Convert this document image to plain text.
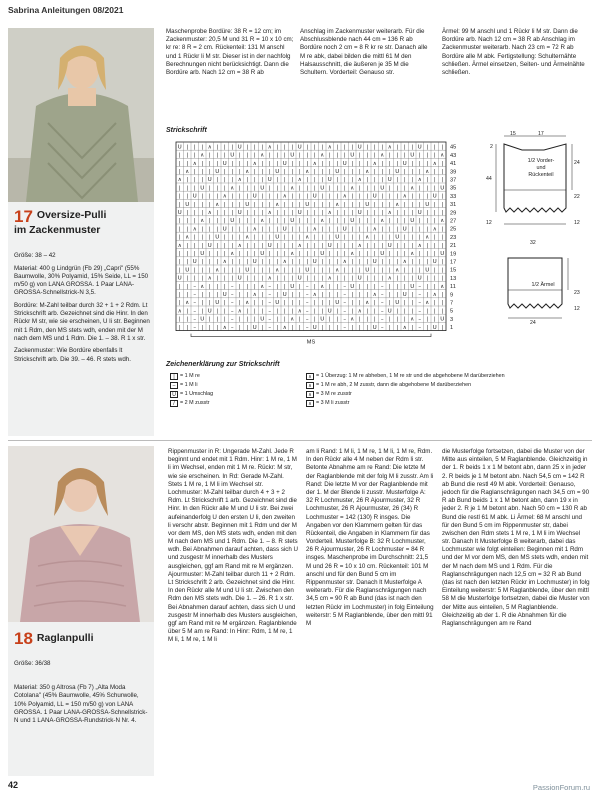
Sabrina Anleitungen 08/2021
17 Oversize-Pulli
im Zackenmuster

Größe: 38 – 42

Material: 400 g Lindgrün (Fb 29) „Capri" (55% Baumwolle, 30% Polyamid, 15% Seide, LL = 150 m/50 g) von LANA GROSSA. 1 Paar LANA-GROSSA-Schnellstrick-N 3,5.

Bordüre: M-Zahl teilbar durch 32 + 1 + 2 Rdm. Lt Strickschrift arb. Gezeichnet sind die Hinr. In den Rückr M str, wie sie erscheinen, U li str. Beginnen mit 1 Rdm, den MS stets wdh, enden mit der M nach dem MS und 1 Rdm. Die 1. – 38. R 1 x str.

Zackenmuster: Wie Bordüre ebenfalls lt Strickschrift arb. Die 39. – 46. R stets wdh.

Maschenprobe Bordüre: 38 R = 12 cm; im Zackenmuster: 20,5 M und 31 R = 10 x 10 cm; kr re: 8 R = 2 cm. Rückenteil: 131 M anschl und 1 Rückr li M str. Dieser ist in der nachfolg Berechnungen nicht berücksichtigt. Dann die Bordüre arb. Nach 12 cm = 38 R ab

Anschlag im Zackenmuster weiterarb. Für die Abschlussblende nach 44 cm = 136 R ab Bordüre noch 2 cm = 8 R kr re str. Danach alle M re abk, dabei bilden die mittl 61 M den Halsausschnitt, die äußeren je 35 M die Schultern. Vorderteil: Genauso str.

Ärmel: 99 M anschl und 1 Rückr li M str. Dann die Bordüre arb. Nach 12 cm = 38 R ab Anschlag im Zackenmuster weiterarb. Nach 23 cm = 72 R ab Bordüre alle M abk. Fertigstellung: Schulternähte schließen. Ärmel einsetzen, Seiten- und Ärmelnähte schließen.

Strickschrift
U | | | ∧ | | | U | | | ∧ | | | U | | | ∧ | | | U | | | ∧ | | | U | | |
| | | ∧ | | | U | | | ∧ | | | U | | | ∧ | | | U | | | ∧ | | | U | | | ∧
| | ∧ | | | U | | | ∧ | | | U | | | ∧ | | | U | | | ∧ | | | U | | | ∧ |
| ∧ | | | U | | | ∧ | | | U | | | ∧ | | | U | | | ∧ | | | U | | | ∧ | |
∧ | | | U | | | ∧ | | | U | | | ∧ | | | U | | | ∧ | | | U | | | ∧ | | |
| | | U | | | ∧ | | | U | | | ∧ | | | U | | | ∧ | | | U | | | ∧ | | | U
| | U | | | ∧ | | | U | | | ∧ | | | U | | | ∧ | | | U | | | ∧ | | | U |
| U | | | ∧ | | | U | | | ∧ | | | U | | | ∧ | | | U | | | ∧ | | | U | |
U | | | ∧ | | | U | | | ∧ | | | U | | | ∧ | | | U | | | ∧ | | | U | | |
| | | ∧ | | | U | | | ∧ | | | U | | | ∧ | | | U | | | ∧ | | | U | | | ∧
| | ∧ | | | U | | | ∧ | | | U | | | ∧ | | | U | | | ∧ | | | U | | | ∧ |
| ∧ | | | U | | | ∧ | | | U | | | ∧ | | | U | | | ∧ | | | U | | | ∧ | |
∧ | | | U | | | ∧ | | | U | | | ∧ | | | U | | | ∧ | | | U | | | ∧ | | |
| | | U | | | ∧ | | | U | | | ∧ | | | U | | | ∧ | | | U | | | ∧ | | | U
| | U | | | ∧ | | | U | | | ∧ | | | U | | | ∧ | | | U | | | ∧ | | | U |
| U | | | ∧ | | | U | | | ∧ | | | U | | | ∧ | | | U | | | ∧ | | | U | |
U | | | ∧ | | | U | | | ∧ | | | U | | | ∧ | | | U | | | ∧ | | | U | | |
| | – ∧ | | | – | | | ∧ – | | U | – | ∧ | | – U | | | – | | | U – | | ∧
| | – | | | U – | | ∧ | – | U | | – ∧ | | | – | | | ∧ – | | U | – | ∧ |
| ∧ – | | U | – | ∧ | | – U | | | – | | | U – | | ∧ | – | U | | – ∧ | |
∧ | – | U | | – ∧ | | | – | | | ∧ – | | U | – | ∧ | | – U | | | – | | |
| | – U | | | – | | | U – | | ∧ | – | U | | – ∧ | | | – | | | ∧ – | | U
| | – | | | ∧ – | | U | – | ∧ | | – U | | | – | | | U – | | ∧ | – | U |
45
43
41
39
37
35
33
31
29
27
25
23
21
19
17
15
13
11
9
7
5
3
1
MS
1/2 Vorder- und Rückenteil
1/2 Ärmel
15	17
2
24
44
22
12	12
32
23
12
24
Zeichenerklärung zur Strickschrift
| = 1 M re
– = 1 M li
U = 1 Umschlag
/ = 2 M zusstr
∧ = 1 Überzug: 1 M re abheben, 1 M re str und die abgehobene M darüberziehen
∧ = 1 M re abh, 2 M zusstr, dann die abgehobene M darüberziehen
∧ = 3 M re zusstr
∧ = 3 M li zusstr
18 Raglanpulli

Größe: 36/38

Material: 350 g Altrosa (Fb 7) „Alta Moda Cotolana" (45% Baumwolle, 45% Schurwolle, 10% Polyamid, LL = 150 m/50 g) von LANA GROSSA. 1 Paar LANA-GROSSA-Schnellstrick-N und 1 LANA-GROSSA-Rundstrick-N Nr. 4.

Rippenmuster in R: Ungerade M-Zahl. Jede R beginnt und endet mit 1 Rdm. Hinr: 1 M re, 1 M li im Wechsel, enden mit 1 M re. Rückr: M str, wie sie erscheinen. In Rd: Gerade M-Zahl. Stets 1 M re, 1 M li im Wechsel str. Lochmuster: M-Zahl teilbar durch 4 + 3 + 2 Rdm. Lt Strickschrift 1 arb. Gezeichnet sind die Hinr. In den Rückr alle M und U li str. Bei zwei aufeinanderfolg U den ersten U li, den zweiten li verschr abstr. Beginnen mit 1 Rdm und der M vor dem MS, den MS stets wdh, enden mit den M nach dem MS und 1 Rdm. Die 1. – 8. R stets wdh. Bei Abnahmen darauf achten, dass sich U und zusgestr M innerhalb des Musters ausgleichen, ggf am Rand mit re M ergänzen. Ajourmuster: M-Zahl teilbar durch 11 + 2 Rdm. Lt Strickschrift 2 arb. Gezeichnet sind die Hinr. In den Rückr alle M und U li str. Zwischen den Rdm den MS stets wdh. Die 1. – 26. R 1 x str. Bei Abnahmen darauf achten, dass sich U und zusgestr M innerhalb des Musters ausgleichen, ggf am Rand mit re M ergänzen. Raglanblende über 5 M am re Rand: In Hinr: Rdm, 1 M re, 1 M li, 1 M re, 1 M li

am li Rand: 1 M li, 1 M re, 1 M li, 1 M re, Rdm. In den Rückr alle 4 M neben der Rdm li str. Betonte Abnahme am re Rand: Die letzte M der Raglanblende mit der folg M li zusstr. Am li Rand: Die letzte M vor der Raglanblende mit der 1. M der Blende li zusstr. Musterfolge A: 32 R Lochmuster, 26 R Ajourmuster, 32 R Lochmuster, 26 R Ajourmuster, 26 (34) R Lochmuster = 142 (130) R insges. Die Angaben vor den Klammern gelten für das Rückenteil, die Angaben in Klammern für das Vorderteil. Musterfolge B: 32 R Lochmuster, 26 R Ajourmuster, 26 R Lochmuster = 84 R insges. Maschenprobe im Durchschnitt: 21,5 M und 26 R = 10 x 10 cm. Rückenteil: 101 M anschl und für den Bund 5 cm im Rippenmuster str. Danach lt Musterfolge A weiterarb. Für die Raglanschrägungen nach 34,5 cm = 90 R ab Bund (das ist nach den letzten Rückr im Lochmuster) in folg Einteilung weiterstr: 5 M Raglanblende, über den mittl 91 M

die Musterfolge fortsetzen, dabei die Muster von der Mitte aus einteilen, 5 M Raglanblende. Gleichzeitig in der 1. R beids 1 x 1 M betont abn, dann 25 x in jeder 2. R beids je 1 M betont abn. Nach 54,5 cm = 142 R ab Bund die restl 49 M abk. Vorderteil: Genauso, jedoch für die Raglanschrägungen nach 34,5 cm = 90 R ab Bund beids 1 x 1 M betont abn, dann 19 x in jeder 2. R je 1 M betont abn. Nach 50 cm = 130 R ab Bund die restl 61 M abk. Li Ärmel: 68 M anschl und für den Bund 5 cm im Rippenmuster str, dabei zwischen den Rdm stets 1 M re, 1 M li im Wechsel str. Danach lt Musterfolge B weiterarb, dabei das Lochmuster wie folgt einteilen: Beginnen mit 1 Rdm und der M vor dem MS, den MS stets wdh, enden mit der M nach dem MS und 1 Rdm. Für die Raglanschrägungen nach 12,5 cm = 32 R ab Bund (das ist nach den letzten Rückr im Lochmuster) in folg Einteilung weiterstr: 5 M Raglanblende, über den mittl 58 M die Musterfolge fortsetzen, dabei die Muster von der Mitte aus einteilen, 5 M Raglanblende. Gleichzeitig ab der 1. R die Abnahmen für die Raglanschrägungen am re Rand

42	PassionForum.ru
